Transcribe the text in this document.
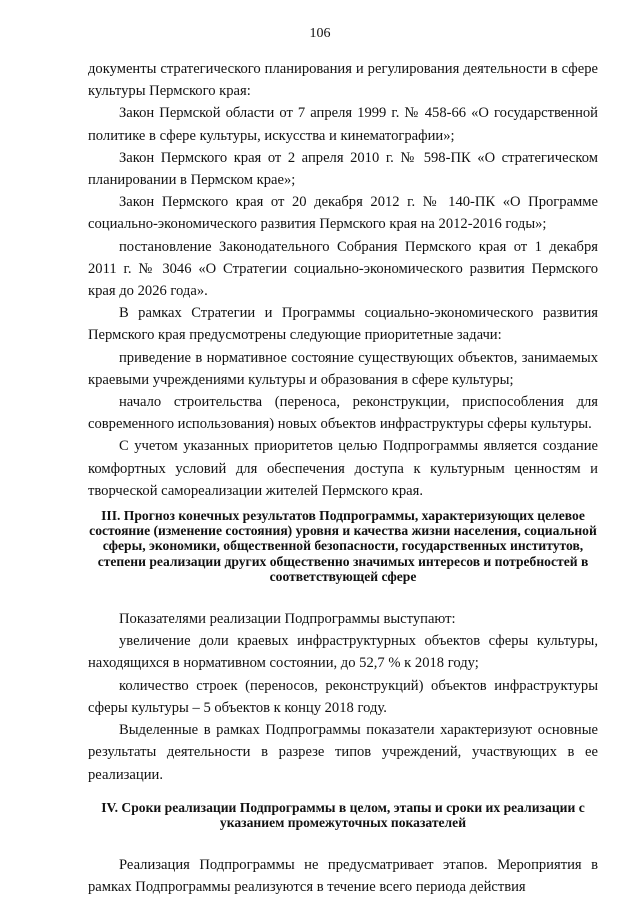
106

документы стратегического планирования и регулирования деятельности в сфере культуры Пермского края:

Закон Пермской области от 7 апреля 1999 г. № 458-66 «О государственной политике в сфере культуры, искусства и кинематографии»;

Закон Пермского края от 2 апреля 2010 г. № 598-ПК «О стратегическом планировании в Пермском крае»;

Закон Пермского края от 20 декабря 2012 г. № 140-ПК «О Программе социально-экономического развития Пермского края на 2012-2016 годы»;

постановление Законодательного Собрания Пермского края от 1 декабря 2011 г. № 3046 «О Стратегии социально-экономического развития Пермского края до 2026 года».

В рамках Стратегии и Программы социально-экономического развития Пермского края предусмотрены следующие приоритетные задачи:

приведение в нормативное состояние существующих объектов, занимаемых краевыми учреждениями культуры и образования в сфере культуры;

начало строительства (переноса, реконструкции, приспособления для современного использования) новых объектов инфраструктуры сферы культуры.

С учетом указанных приоритетов целью Подпрограммы является создание комфортных условий для обеспечения доступа к культурным ценностям и творческой самореализации жителей Пермского края.

III. Прогноз конечных результатов Подпрограммы, характеризующих целевое состояние (изменение состояния) уровня и качества жизни населения, социальной сферы, экономики, общественной безопасности, государственных институтов, степени реализации других общественно значимых интересов и потребностей в соответствующей сфере

Показателями реализации Подпрограммы выступают:

увеличение доли краевых инфраструктурных объектов сферы культуры, находящихся в нормативном состоянии, до 52,7 % к 2018 году;

количество строек (переносов, реконструкций) объектов инфраструктуры сферы культуры – 5 объектов к концу 2018 году.

Выделенные в рамках Подпрограммы показатели характеризуют основные результаты деятельности в разрезе типов учреждений, участвующих в ее реализации.

IV. Сроки реализации Подпрограммы в целом, этапы и сроки их реализации с указанием промежуточных показателей

Реализация Подпрограммы не предусматривает этапов. Мероприятия в рамках Подпрограммы реализуются в течение всего периода действия
